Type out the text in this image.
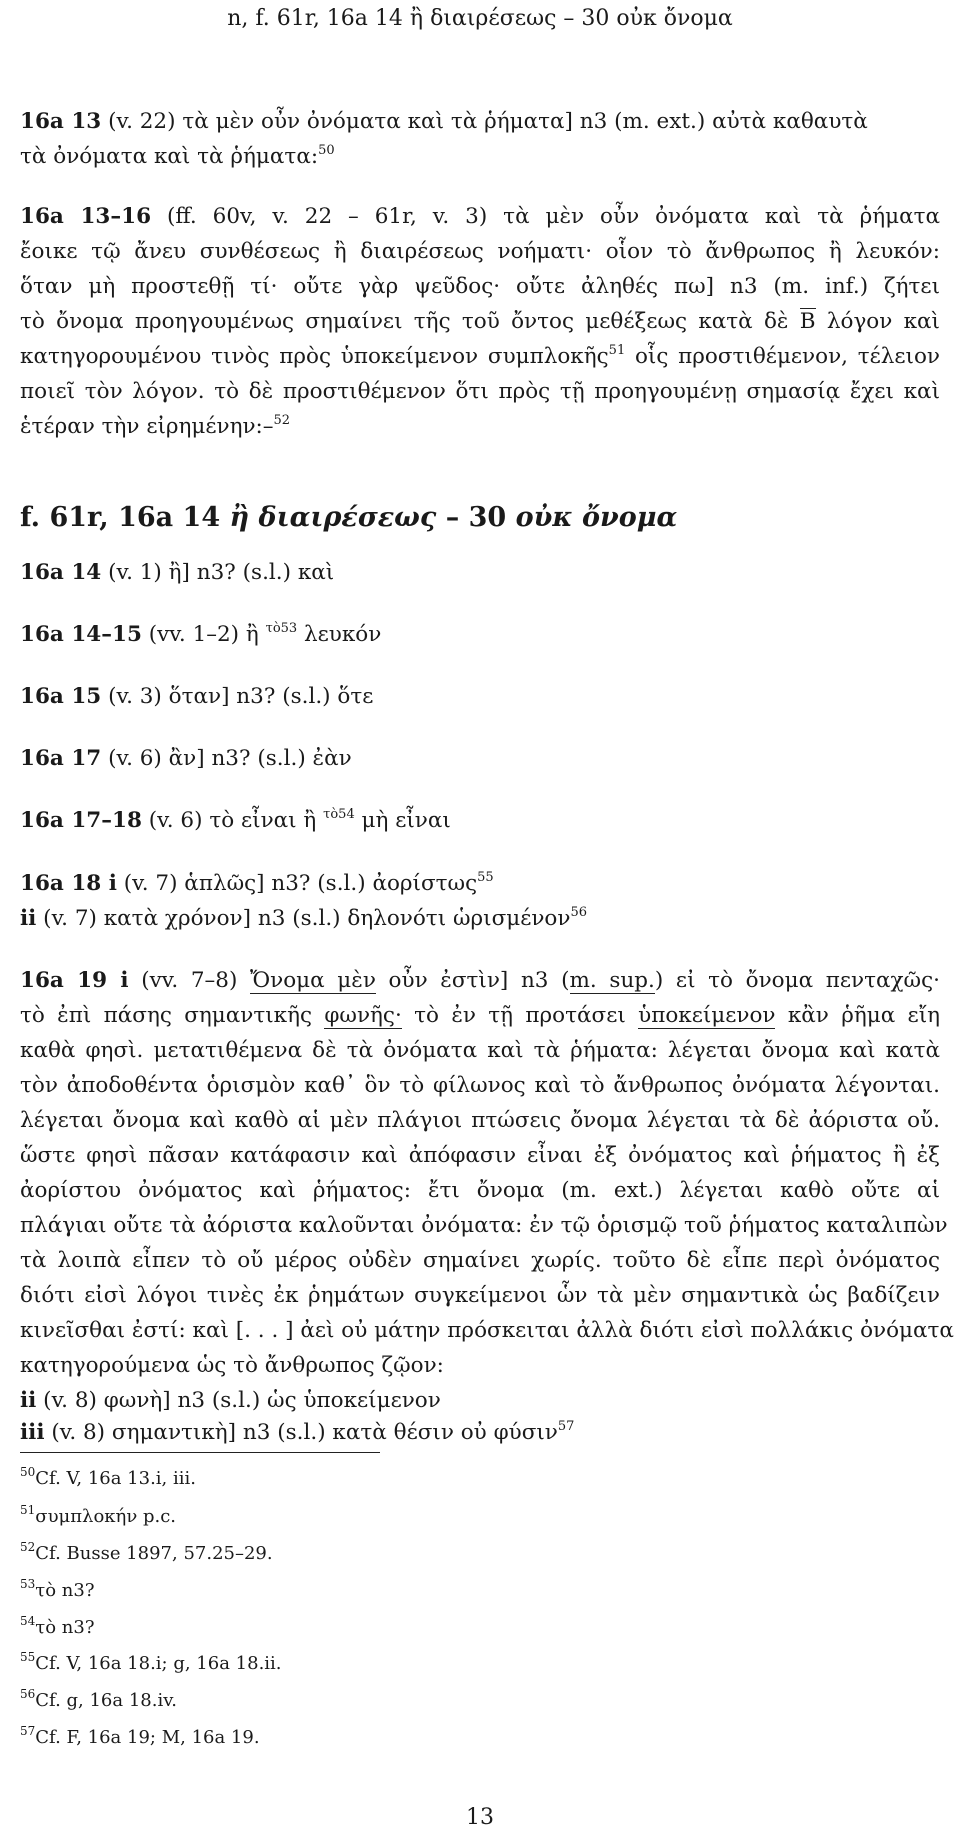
n, f. 61r, 16a 14 ἢ διαιρέσεως – 30 οὐκ ὄνομα
16a 13 (v. 22) τὰ μὲν οὖν ὀνόματα καὶ τὰ ῥήματα] n3 (m. ext.) αὐτὰ καθαυτὰ
τὰ ὀνόματα καὶ τὰ ῥήματα:$^{50}$
16a 13–16 (ff. 60v, v. 22 – 61r, v. 3) τὰ μὲν οὖν ὀνόματα καὶ τὰ ῥήματα
ἔοικε τῷ ἄνευ συνθέσεως ἢ διαιρέσεως νοήματι· οἷον τὸ ἄνθρωπος ἢ λευκόν:
ὅταν μὴ προστεθῇ τί· οὔτε γὰρ ψεῦδος· οὔτε ἀληθές πω] n3 (m. inf.) ζήτει
τὸ ὄνομα προηγουμένως σημαίνει τῆς τοῦ ὄντος μεθέξεως κατὰ δὲ B λόγον καὶ
κατηγορουμένου τινὸς πρὸς ὑποκείμενον συμπλοκῆς$^{51}$ οἷς προστιθέμενον, τέλειον
ποιεῖ τὸν λόγον. τὸ δὲ προστιθέμενον ὅτι πρὸς τῇ προηγουμένῃ σημασίᾳ ἔχει καὶ
ἑτέραν τὴν εἰρημένην:–$^{52}$
f. 61r, 16a 14 ἢ διαιρέσεως – 30 οὐκ ὄνομα
16a 14 (v. 1) ἢ] n3? (s.l.) καὶ
16a 14–15 (vv. 1–2) ἢ $^{\tau ὸ53}$ λευκόν
16a 15 (v. 3) ὅταν] n3? (s.l.) ὅτε
16a 17 (v. 6) ἂν] n3? (s.l.) ἐὰν
16a 17–18 (v. 6) τὸ εἶναι ἢ $^{\tau ὸ54}$ μὴ εἶναι
16a 18 i (v. 7) ἁπλῶς] n3? (s.l.) ἀορίστως$^{55}$
ii (v. 7) κατὰ χρόνον] n3 (s.l.) δηλονότι ὡρισμένον$^{56}$
16a 19 i (vv. 7–8) Ὄνομα μὲν οὖν ἐστὶν] n3 (m. sup.) εἰ τὸ ὄνομα πενταχῶς·
τὸ ἐπὶ πάσης σημαντικῆς φωνῆς· τὸ ἐν τῇ προτάσει ὑποκείμενον κἂν ῥῆμα εἴη
καθὰ φησὶ. μετατιθέμενα δὲ τὰ ὀνόματα καὶ τὰ ῥήματα: λέγεται ὄνομα καὶ κατὰ
τὸν ἀποδοθέντα ὁρισμὸν καθ᾽ ὃν τὸ φίλωνος καὶ τὸ ἄνθρωπος ὀνόματα λέγονται.
λέγεται ὄνομα καὶ καθὸ αἱ μὲν πλάγιοι πτώσεις ὄνομα λέγεται τὰ δὲ ἀόριστα οὔ.
ὥστε φησὶ πᾶσαν κατάφασιν καὶ ἀπόφασιν εἶναι ἐξ ὀνόματος καὶ ῥήματος ἢ ἐξ
ἀορίστου ὀνόματος καὶ ῥήματος: ἔτι ὄνομα (m. ext.) λέγεται καθὸ οὔτε αἱ
πλάγιαι οὔτε τὰ ἀόριστα καλοῦνται ὀνόματα: ἐν τῷ ὁρισμῷ τοῦ ῥήματος καταλιπὼν
τὰ λοιπὰ εἶπεν τὸ οὔ μέρος οὐδὲν σημαίνει χωρίς. τοῦτο δὲ εἶπε περὶ ὀνόματος
διότι εἰσὶ λόγοι τινὲς ἐκ ῥημάτων συγκείμενοι ὧν τὰ μὲν σημαντικὰ ὡς βαδίζειν
κινεῖσθαι ἐστί: καὶ [. . . ] ἀεὶ οὐ μάτην πρόσκειται ἀλλὰ διότι εἰσὶ πολλάκις ὀνόματα
κατηγορούμενα ὡς τὸ ἄνθρωπος ζῷον:
ii (v. 8) φωνὴ] n3 (s.l.) ὡς ὑποκείμενον
iii (v. 8) σημαντικὴ] n3 (s.l.) κατὰ θέσιν οὐ φύσιν$^{57}$
$^{50}$Cf. V, 16a 13.i, iii.
$^{51}$συμπλοκήν p.c.
$^{52}$Cf. Busse 1897, 57.25–29.
$^{53}$τὸ n3?
$^{54}$τὸ n3?
$^{55}$Cf. V, 16a 18.i; g, 16a 18.ii.
$^{56}$Cf. g, 16a 18.iv.
$^{57}$Cf. F, 16a 19; M, 16a 19.
13
